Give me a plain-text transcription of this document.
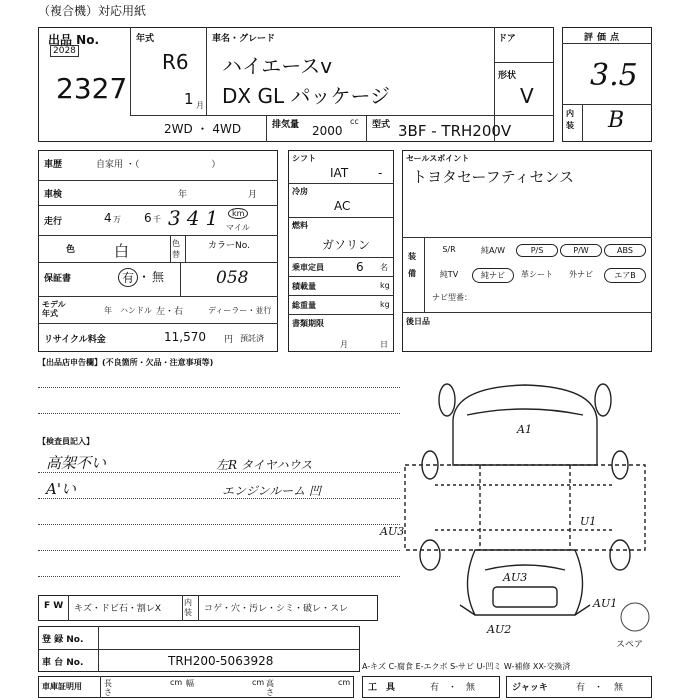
（複合機）対応用紙
出品 No.
2028
2327
年式
R6
1 月
車名・グレード
ハイエースv
DX GL パッケージ
ドア
形状
V
評価点
3.5
内装 B
2WD ・ 4WD	排気量 2000
cc 型式 3BF - TRH200V
車歴	自家用 ・（　　　　　　　　）
車検	年	月
走行	4 万 6 千 341 km
マイル
色	白	色替
カラーNo.
保証書	有 ・ 無	058
モデル年式	年 ハンドル 左・右	ディーラー・並行
リサイクル料金	11,570 円 預託済
シフト
IAT -
冷房
AC
燃料
ガソリン
乗車定員	6 名
積載量	kg
総重量	kg
書類期限
月	日
セールスポイント
トヨタセーフティセンス
装備
ナビ型番：
後日品
【出品店申告欄】(不良箇所・欠品・注意事項等)
【検査員記入】
高架不い
A'い
左R タイヤハウス
エンジンルーム 凹
A1
U1
AU3
AU3
AU1
AU2
スペア
F W キズ・ドビ石・割レX
内装	コゲ・穴・汚レ・シミ・破レ・スレ
登 録 No.
車 台 No.	TRH200-5063928	A-キズ C-腐食 E-エクボ S-サビ U-凹ミ W-補修 XX-交換済
車庫証明用	長さ
cm 幅	cm 高さ
cm
工　具	有 ・ 無	ジャッキ	有 ・ 無
S/R	純A/W	P/S	P/W	ABS
純TV	純ナビ	革シート	外ナビ	エアB
